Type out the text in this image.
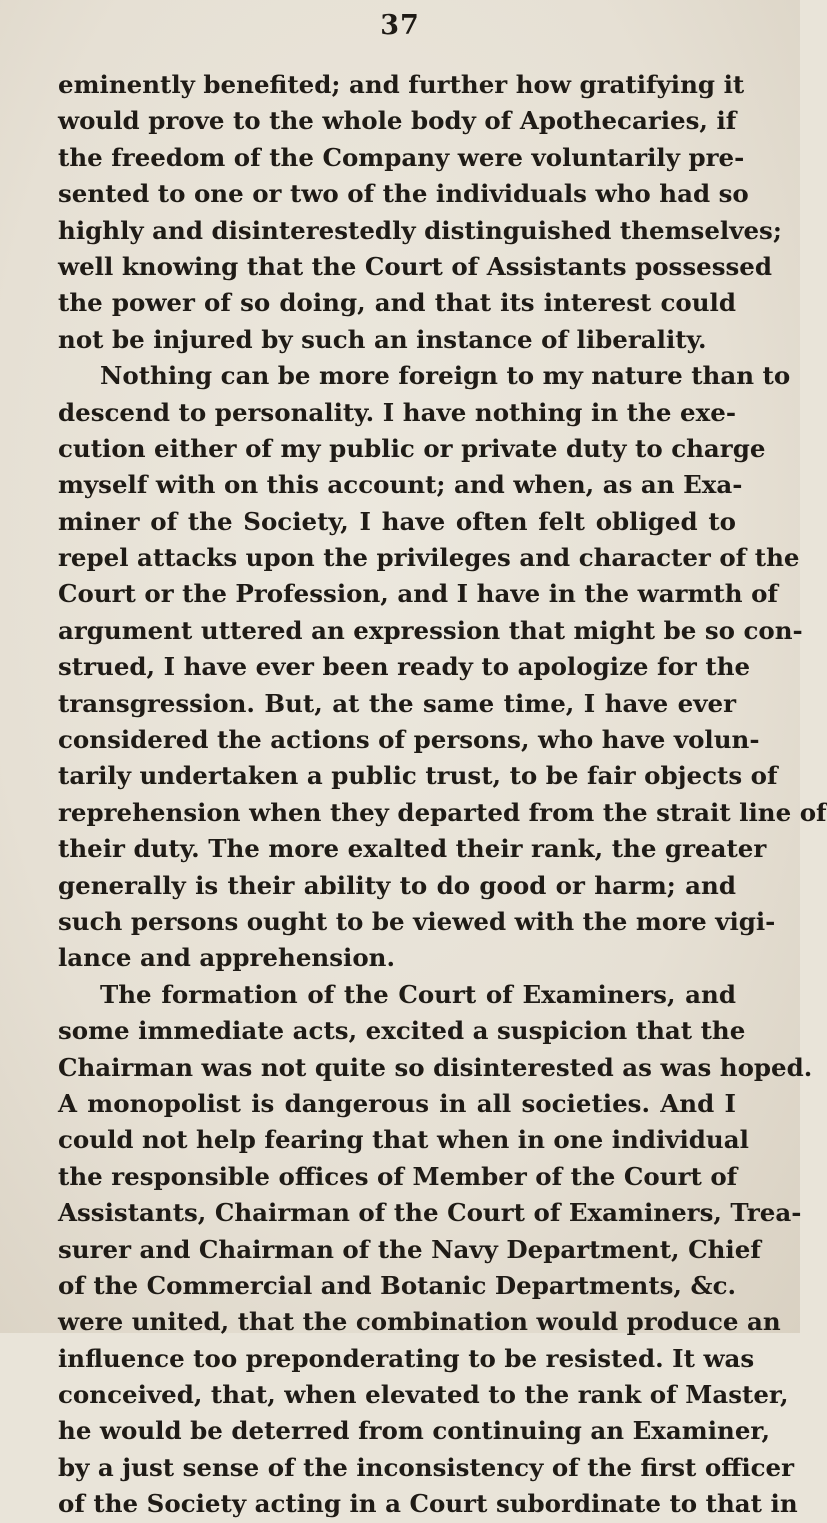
37
eminently benefited; and further how gratifying it
would prove to the whole body of Apothecaries, if
the freedom of the Company were voluntarily pre-
sented to one or two of the individuals who had so
highly and disinterestedly distinguished themselves;
well knowing that the Court of Assistants possessed
the power of so doing, and that its interest could
not be injured by such an instance of liberality.
Nothing can be more foreign to my nature than to
descend to personality. I have nothing in the exe-
cution either of my public or private duty to charge
myself with on this account; and when, as an Exa-
miner of the Society, I have often felt obliged to
repel attacks upon the privileges and character of the
Court or the Profession, and I have in the warmth of
argument uttered an expression that might be so con-
strued, I have ever been ready to apologize for the
transgression. But, at the same time, I have ever
considered the actions of persons, who have volun-
tarily undertaken a public trust, to be fair objects of
reprehension when they departed from the strait line of
their duty. The more exalted their rank, the greater
generally is their ability to do good or harm; and
such persons ought to be viewed with the more vigi-
lance and apprehension.
The formation of the Court of Examiners, and
some immediate acts, excited a suspicion that the
Chairman was not quite so disinterested as was hoped.
A monopolist is dangerous in all societies. And I
could not help fearing that when in one individual
the responsible offices of Member of the Court of
Assistants, Chairman of the Court of Examiners, Trea-
surer and Chairman of the Navy Department, Chief
of the Commercial and Botanic Departments, &c.
were united, that the combination would produce an
influence too preponderating to be resisted. It was
conceived, that, when elevated to the rank of Master,
he would be deterred from continuing an Examiner,
by a just sense of the inconsistency of the first officer
of the Society acting in a Court subordinate to that in
